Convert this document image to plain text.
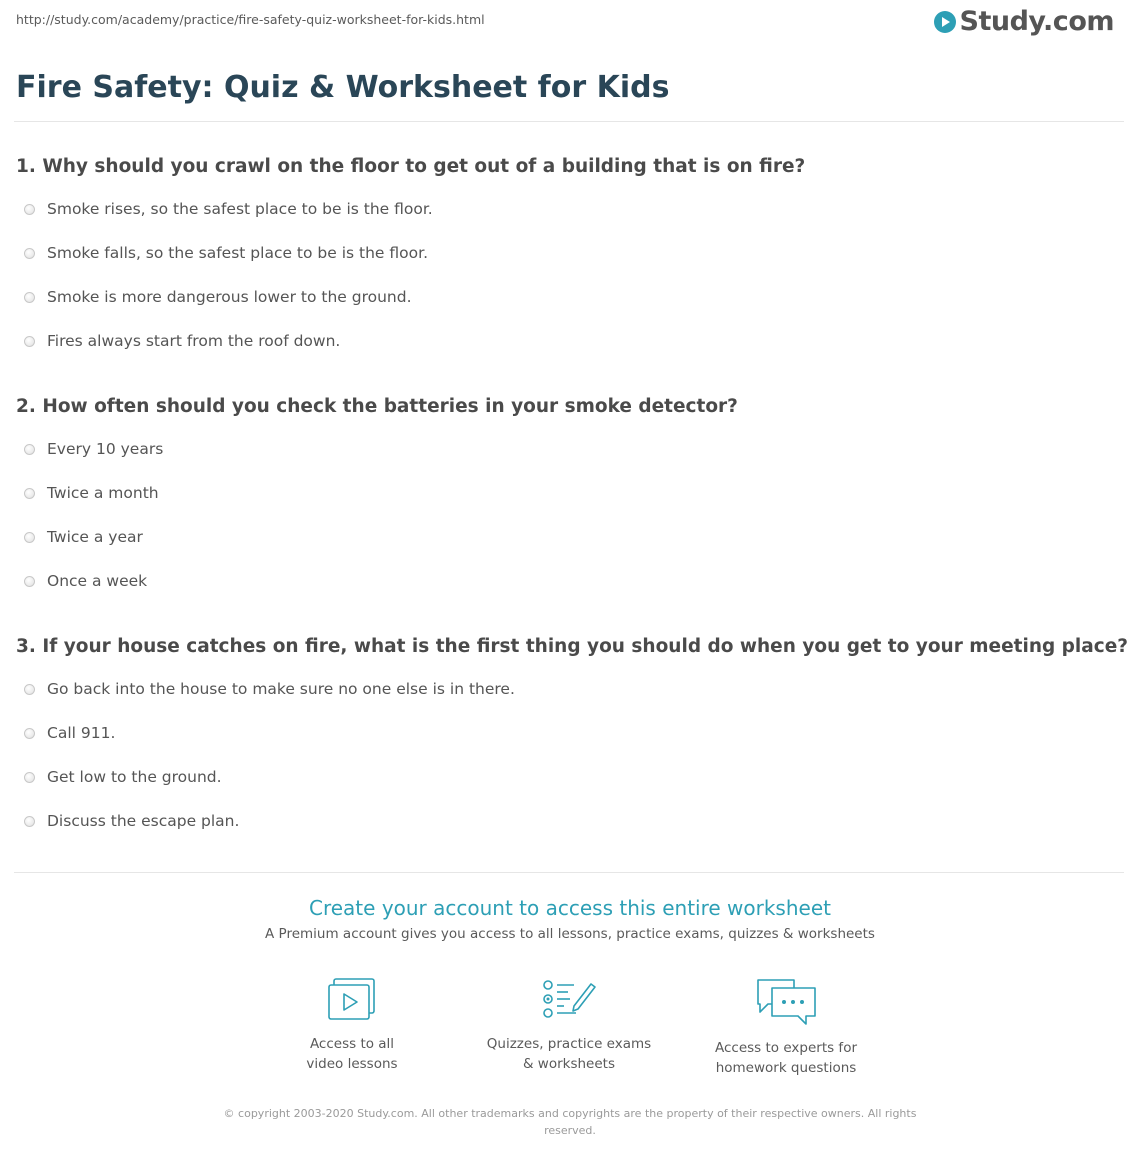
http://study.com/academy/practice/fire-safety-quiz-worksheet-for-kids.html	Study.com
Fire Safety: Quiz & Worksheet for Kids
1. Why should you crawl on the floor to get out of a building that is on fire?
Smoke rises, so the safest place to be is the floor.
Smoke falls, so the safest place to be is the floor.
Smoke is more dangerous lower to the ground.
Fires always start from the roof down.
2. How often should you check the batteries in your smoke detector?
Every 10 years
Twice a month
Twice a year
Once a week
3. If your house catches on fire, what is the first thing you should do when you get to your meeting place?
Go back into the house to make sure no one else is in there.
Call 911.
Get low to the ground.
Discuss the escape plan.
Create your account to access this entire worksheet
A Premium account gives you access to all lessons, practice exams, quizzes & worksheets
Access to all
video lessons
Quizzes, practice exams
& worksheets
Access to experts for
homework questions
© copyright 2003-2020 Study.com. All other trademarks and copyrights are the property of their respective owners. All rights reserved.
